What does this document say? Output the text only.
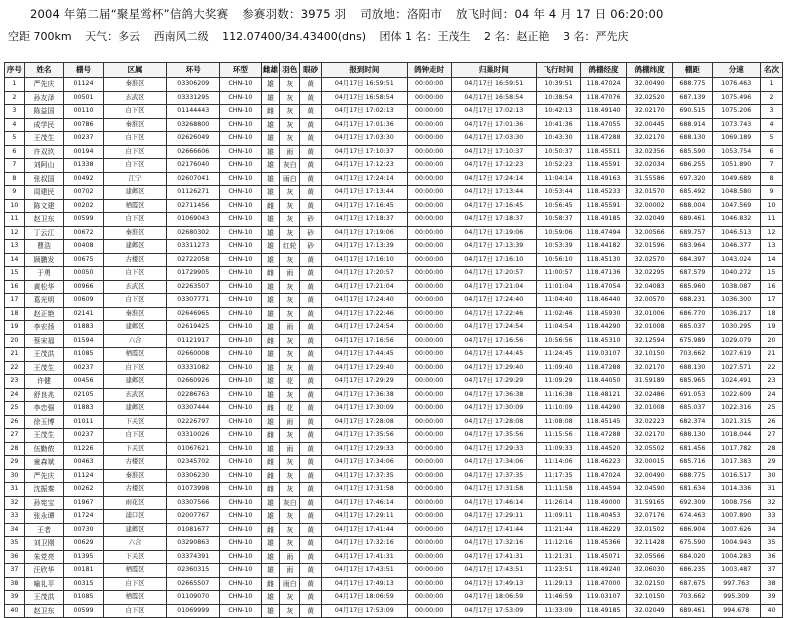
2004 年第二届“聚星鸴杯”信鸽大奖赛 参赛羽数：3975 羽 司放地：洛阳市 放飞时间：04 年 4 月 17 日 06:20:00
空距 700km 天气：多云 西南风二级 112.07400/34.43400(dns) 团体 1 名：王茂生 2 名：赵正艳 3 名：严先庆
序号	姓名	棚号	区属	环号	环型	雌雄	羽色	眼砂	报到时间	鸽钟走时	归巢时间	飞行时间	鸽棚经度	鸽棚纬度	棚距	分速	名次
1	严先庆	01124	秦淮区	03306209	CHN-10	雄	灰	黄	04月17日 16:59:51	00:00:00	04月17日 16:59:51	10:39:51	118.47024	32.00490	688.775	1076.463	1
2	孙友泽	00501	玄武区	03331295	CHN-10	雄	灰	黄	04月17日 16:58:54	00:00:00	04月17日 16:58:54	10:38:54	118.47076	32.02520	687.139	1075.496	2
3	陈益国	00110	白下区	01144443	CHN-10	雌	灰	黄	04月17日 17:02:13	00:00:00	04月17日 17:02:13	10:42:13	118.49140	32.02170	690.515	1075.206	3
4	成学民	00786	秦淮区	03268800	CHN-10	雄	灰	黄	04月17日 17:01:36	00:00:00	04月17日 17:01:36	10:41:36	118.47055	32.00445	688.914	1073.743	4
5	王茂生	00237	白下区	02626049	CHN-10	雄	灰	黄	04月17日 17:03:30	00:00:00	04月17日 17:03:30	10:43:30	118.47288	32.02170	688.130	1069.189	5
6	许双玖	00194	白下区	02666606	CHN-10	雄	雨	黄	04月17日 17:10:37	00:00:00	04月17日 17:10:37	10:50:37	118.45511	32.02356	685.590	1053.754	6
7	刘阿山	01338	白下区	02176040	CHN-10	雄	灰白	黄	04月17日 17:12:23	00:00:00	04月17日 17:12:23	10:52:23	118.45591	32.02034	686.255	1051.890	7
8	张叔国	00492	江宁	02607041	CHN-10	雄	雨白	黄	04月17日 17:24:14	00:00:00	04月17日 17:24:14	11:04:14	118.49163	31.55586	697.320	1049.689	8
9	周建民	00702	建邺区	01126271	CHN-10	雄	灰	黄	04月17日 17:13:44	00:00:00	04月17日 17:13:44	10:53:44	118.45233	32.01570	685.492	1048.580	9
10	陈文建	00202	栖霞区	02711456	CHN-10	雌	灰	黄	04月17日 17:16:45	00:00:00	04月17日 17:16:45	10:56:45	118.45591	32.00002	688.004	1047.569	10
11	赵卫东	00599	白下区	01069043	CHN-10	雄	灰	砂	04月17日 17:18:37	00:00:00	04月17日 17:18:37	10:58:37	118.49185	32.02049	689.461	1046.832	11
12	丁云江	00672	秦淮区	02680302	CHN-10	雄	灰	砂	04月17日 17:19:06	00:00:00	04月17日 17:19:06	10:59:06	118.47494	32.00566	689.757	1046.513	12
13	曹浩	00408	建邺区	03311273	CHN-10	雄	红轮	砂	04月17日 17:13:39	00:00:00	04月17日 17:13:39	10:53:39	118.44182	32.01596	683.964	1046.377	13
14	顾鹏发	00675	古楼区	02722058	CHN-10	雄	灰	黄	04月17日 17:16:10	00:00:00	04月17日 17:16:10	10:56:10	118.45130	32.02570	684.397	1043.024	14
15	于勇	00050	白下区	01729905	CHN-10	雌	雨	黄	04月17日 17:20:57	00:00:00	04月17日 17:20:57	11:00:57	118.47136	32.02295	687.579	1040.272	15
16	黄松华	00966	玄武区	02263507	CHN-10	雄	灰	黄	04月17日 17:21:04	00:00:00	04月17日 17:21:04	11:01:04	118.47054	32.04083	685.960	1038.087	16
17	葛光明	00609	白下区	03307771	CHN-10	雄	灰	黄	04月17日 17:24:40	00:00:00	04月17日 17:24:40	11:04:40	118.46440	32.00570	688.231	1036.300	17
18	赵正艳	02141	秦淮区	02646965	CHN-10	雄	灰	黄	04月17日 17:22:46	00:00:00	04月17日 17:22:46	11:02:46	118.45930	32.01006	686.770	1036.217	18
19	李宏扬	01883	建邺区	02619425	CHN-10	雄	雨	黄	04月17日 17:24:54	00:00:00	04月17日 17:24:54	11:04:54	118.44290	32.01008	685.037	1030.295	19
20	蔡宋福	01594	六合	01121917	CHN-10	雌	灰	黄	04月17日 17:16:56	00:00:00	04月17日 17:16:56	10:56:56	118.45310	32.12594	675.989	1029.079	20
21	王茂洪	01085	栖霞区	02660008	CHN-10	雄	灰	黄	04月17日 17:44:45	00:00:00	04月17日 17:44:45	11:24:45	119.03107	32.10150	703.662	1027.619	21
22	王茂生	00237	白下区	03331082	CHN-10	雄	灰	黄	04月17日 17:29:40	00:00:00	04月17日 17:29:40	11:09:40	118.47288	32.02170	688.130	1027.571	22
23	许健	00456	建邺区	02660926	CHN-10	雄	花	黄	04月17日 17:29:29	00:00:00	04月17日 17:29:29	11:09:29	118.44050	31.59189	685.965	1024.491	23
24	舒良兆	02105	玄武区	02286763	CHN-10	雄	灰	黄	04月17日 17:36:38	00:00:00	04月17日 17:36:38	11:16:38	118.48121	32.02486	691.053	1022.609	24
25	李忠强	01883	建邺区	03307444	CHN-10	雌	花	黄	04月17日 17:30:09	00:00:00	04月17日 17:30:09	11:10:09	118.44290	32.01008	685.037	1022.316	25
26	徐玉博	01011	下关区	02226797	CHN-10	雄	雨	黄	04月17日 17:28:08	00:00:00	04月17日 17:28:08	11:08:08	118.45145	32.02223	682.374	1021.315	26
27	王茂生	00237	白下区	03310026	CHN-10	雌	灰	黄	04月17日 17:35:56	00:00:00	04月17日 17:35:56	11:15:56	118.47288	32.02170	688.130	1018.044	27
28	伍勤侬	01226	下关区	01067621	CHN-10	雄	雨	黄	04月17日 17:29:33	00:00:00	04月17日 17:29:33	11:09:33	118.44520	32.05502	681.456	1017.782	28
29	童森斌	00463	古楼区	02345702	CHN-10	雌	灰	黄	04月17日 17:34:06	00:00:00	04月17日 17:34:06	11:14:06	118.46223	32.00015	685.716	1017.383	29
30	严先庆	01124	秦淮区	03306230	CHN-10	雌	灰	黄	04月17日 17:37:35	00:00:00	04月17日 17:37:35	11:17:35	118.47024	32.00490	688.775	1016.517	30
31	沈振秦	00262	古楼区	01073998	CHN-10	雌	灰	黄	04月17日 17:31:58	00:00:00	04月17日 17:31:58	11:11:58	118.44594	32.04590	681.634	1014.336	31
32	孙宪宝	01967	雨花区	03307566	CHN-10	雄	灰白	黄	04月17日 17:46:14	00:00:00	04月17日 17:46:14	11:26:14	118.49000	31.59165	692.309	1008.756	32
33	张永谭	01724	浦口区	02007767	CHN-10	雄	灰	黄	04月17日 17:29:11	00:00:00	04月17日 17:29:11	11:09:11	118.40453	32.07176	674.463	1007.890	33
34	王者	00730	建邺区	01081677	CHN-10	雌	灰	黄	04月17日 17:41:44	00:00:00	04月17日 17:41:44	11:21:44	118.46229	32.01502	686.904	1007.626	34
35	刘卫刚	00629	六合	03290863	CHN-10	雄	灰	黄	04月17日 17:32:16	00:00:00	04月17日 17:32:16	11:12:16	118.45366	32.11428	675.590	1004.943	35
36	朱党亮	01395	下关区	03374391	CHN-10	雄	雨	黄	04月17日 17:41:31	00:00:00	04月17日 17:41:31	11:21:31	118.45071	32.05566	684.020	1004.283	36
37	汪欣华	00181	栖霞区	02360315	CHN-10	雄	雨	黄	04月17日 17:43:51	00:00:00	04月17日 17:43:51	11:23:51	118.49240	32.06030	686.235	1003.487	37
38	喻礼平	00315	白下区	02665507	CHN-10	雌	雨白	黄	04月17日 17:49:13	00:00:00	04月17日 17:49:13	11:29:13	118.47000	32.02150	687.675	997.763	38
39	王茂洪	01085	栖霞区	01109070	CHN-10	雄	灰	黄	04月17日 18:06:59	00:00:00	04月17日 18:06:59	11:46:59	119.03107	32.10150	703.662	995.309	39
40	赵卫东	00599	白下区	01069999	CHN-10	雄	灰	黄	04月17日 17:53:09	00:00:00	04月17日 17:53:09	11:33:09	118.49185	32.02049	689.461	994.678	40
